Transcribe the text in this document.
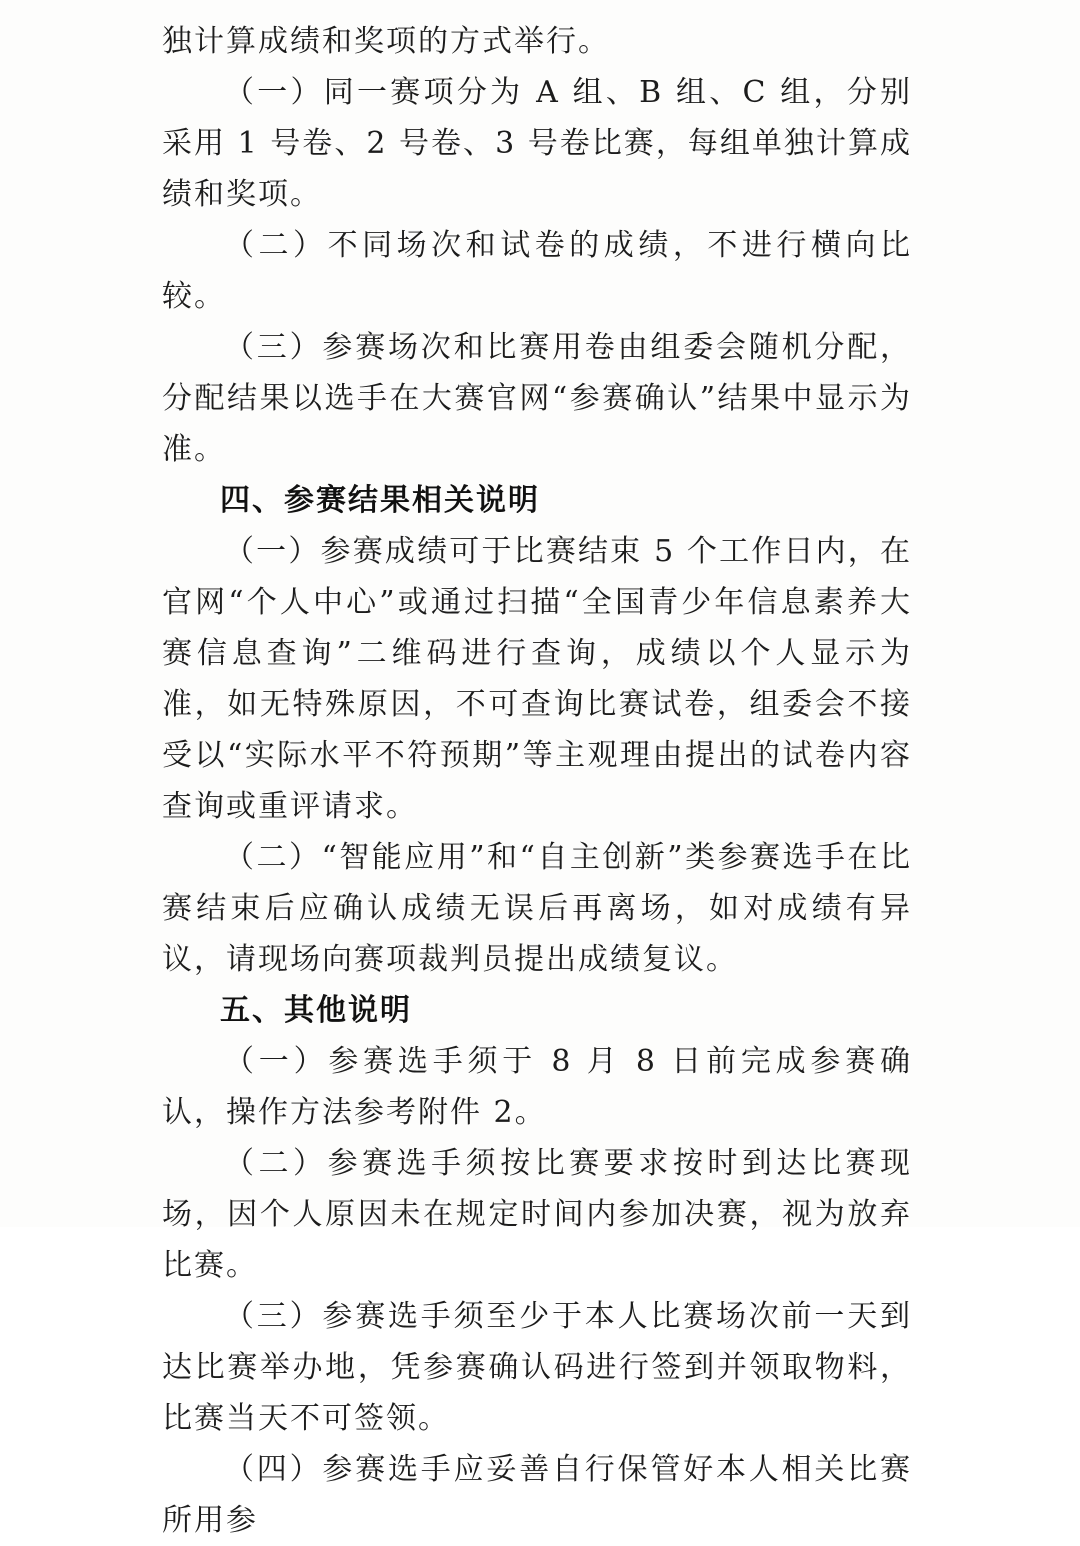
独计算成绩和奖项的方式举行。

（一）同一赛项分为 A 组、B 组、C 组，分别采用 1 号卷、2 号卷、3 号卷比赛，每组单独计算成绩和奖项。

（二）不同场次和试卷的成绩，不进行横向比较。

（三）参赛场次和比赛用卷由组委会随机分配，分配结果以选手在大赛官网“参赛确认”结果中显示为准。

四、参赛结果相关说明

（一）参赛成绩可于比赛结束 5 个工作日内，在官网“个人中心”或通过扫描“全国青少年信息素养大赛信息查询”二维码进行查询，成绩以个人显示为准，如无特殊原因，不可查询比赛试卷，组委会不接受以“实际水平不符预期”等主观理由提出的试卷内容查询或重评请求。

（二）“智能应用”和“自主创新”类参赛选手在比赛结束后应确认成绩无误后再离场，如对成绩有异议，请现场向赛项裁判员提出成绩复议。

五、其他说明

（一）参赛选手须于 8 月 8 日前完成参赛确认，操作方法参考附件 2。

（二）参赛选手须按比赛要求按时到达比赛现场，因个人原因未在规定时间内参加决赛，视为放弃比赛。

（三）参赛选手须至少于本人比赛场次前一天到达比赛举办地，凭参赛确认码进行签到并领取物料，比赛当天不可签领。

（四）参赛选手应妥善自行保管好本人相关比赛所用参
